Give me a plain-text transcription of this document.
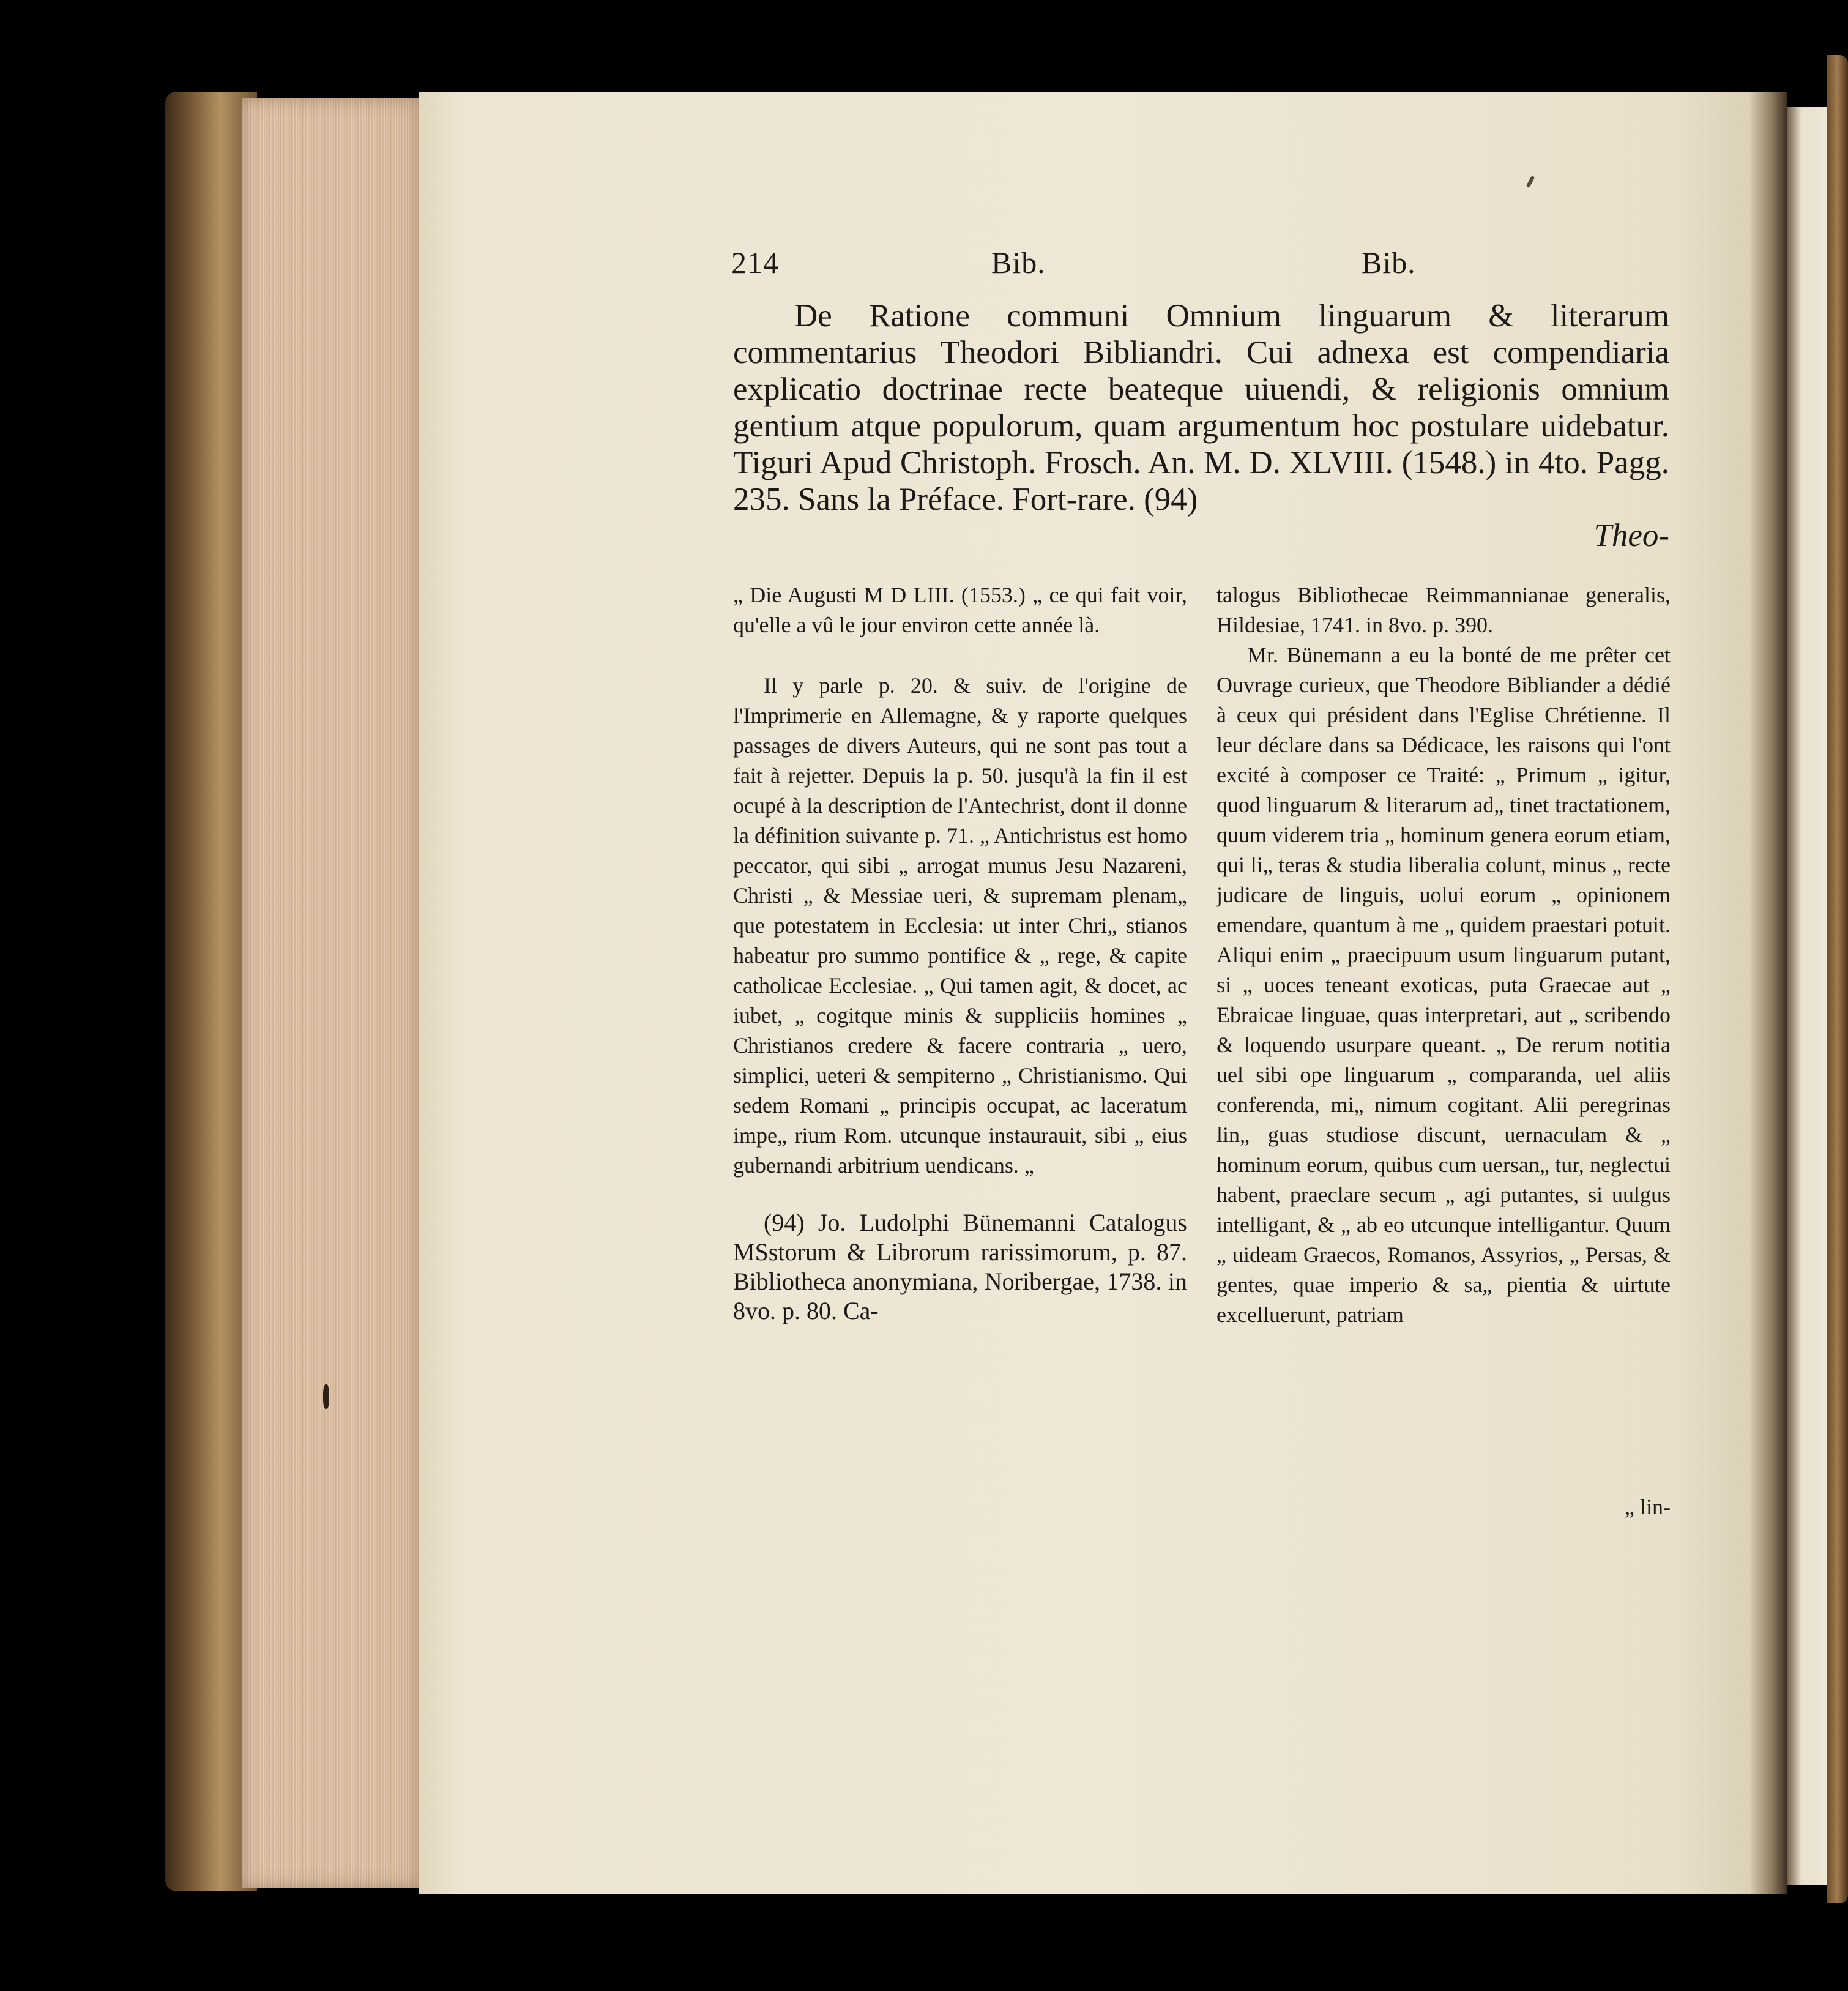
214	Bib.	Bib.

De Ratione communi Omnium linguarum & literarum commentarius Theodori Bibliandri. Cui adnexa est compendiaria explicatio doctrinae recte beateque uiuendi, & religionis omnium gentium atque populorum, quam argumentum hoc postulare uidebatur. Tiguri Apud Christoph. Frosch. An. M. D. XLVIII. (1548.) in 4to. Pagg. 235. Sans la Préface. Fort-rare. (94)

Theo-

„ Die Augusti M D LIII. (1553.) „ ce qui fait voir, qu'elle a vû le jour environ cette année là.

Il y parle p. 20. & suiv. de l'origine de l'Imprimerie en Allemagne, & y raporte quelques passages de divers Auteurs, qui ne sont pas tout a fait à rejetter. Depuis la p. 50. jusqu'à la fin il est ocupé à la description de l'Antechrist, dont il donne la définition suivante p. 71. „ Antichristus est homo peccator, qui sibi „ arrogat munus Jesu Nazareni, Christi „ & Messiae ueri, & supremam plenam„ que potestatem in Ecclesia: ut inter Chri„ stianos habeatur pro summo pontifice & „ rege, & capite catholicae Ecclesiae. „ Qui tamen agit, & docet, ac iubet, „ cogitque minis & suppliciis homines „ Christianos credere & facere contraria „ uero, simplici, ueteri & sempiterno „ Christianismo. Qui sedem Romani „ principis occupat, ac laceratum impe„ rium Rom. utcunque instaurauit, sibi „ eius gubernandi arbitrium uendicans. „

(94) Jo. Ludolphi Bünemanni Catalogus MSstorum & Librorum rarissimorum, p. 87. Bibliotheca anonymiana, Noribergae, 1738. in 8vo. p. 80. Ca-

talogus Bibliothecae Reimmannianae generalis, Hildesiae, 1741. in 8vo. p. 390.

Mr. Bünemann a eu la bonté de me prêter cet Ouvrage curieux, que Theodore Bibliander a dédié à ceux qui président dans l'Eglise Chrétienne. Il leur déclare dans sa Dédicace, les raisons qui l'ont excité à composer ce Traité: „ Primum „ igitur, quod linguarum & literarum ad„ tinet tractationem, quum viderem tria „ hominum genera eorum etiam, qui li„ teras & studia liberalia colunt, minus „ recte judicare de linguis, uolui eorum „ opinionem emendare, quantum à me „ quidem praestari potuit. Aliqui enim „ praecipuum usum linguarum putant, si „ uoces teneant exoticas, puta Graecae aut „ Ebraicae linguae, quas interpretari, aut „ scribendo & loquendo usurpare queant. „ De rerum notitia uel sibi ope linguarum „ comparanda, uel aliis conferenda, mi„ nimum cogitant. Alii peregrinas lin„ guas studiose discunt, uernaculam & „ hominum eorum, quibus cum uersan„ tur, neglectui habent, praeclare secum „ agi putantes, si uulgus intelligant, & „ ab eo utcunque intelligantur. Quum „ uideam Graecos, Romanos, Assyrios, „ Persas, & gentes, quae imperio & sa„ pientia & uirtute excelluerunt, patriam

„ lin-
